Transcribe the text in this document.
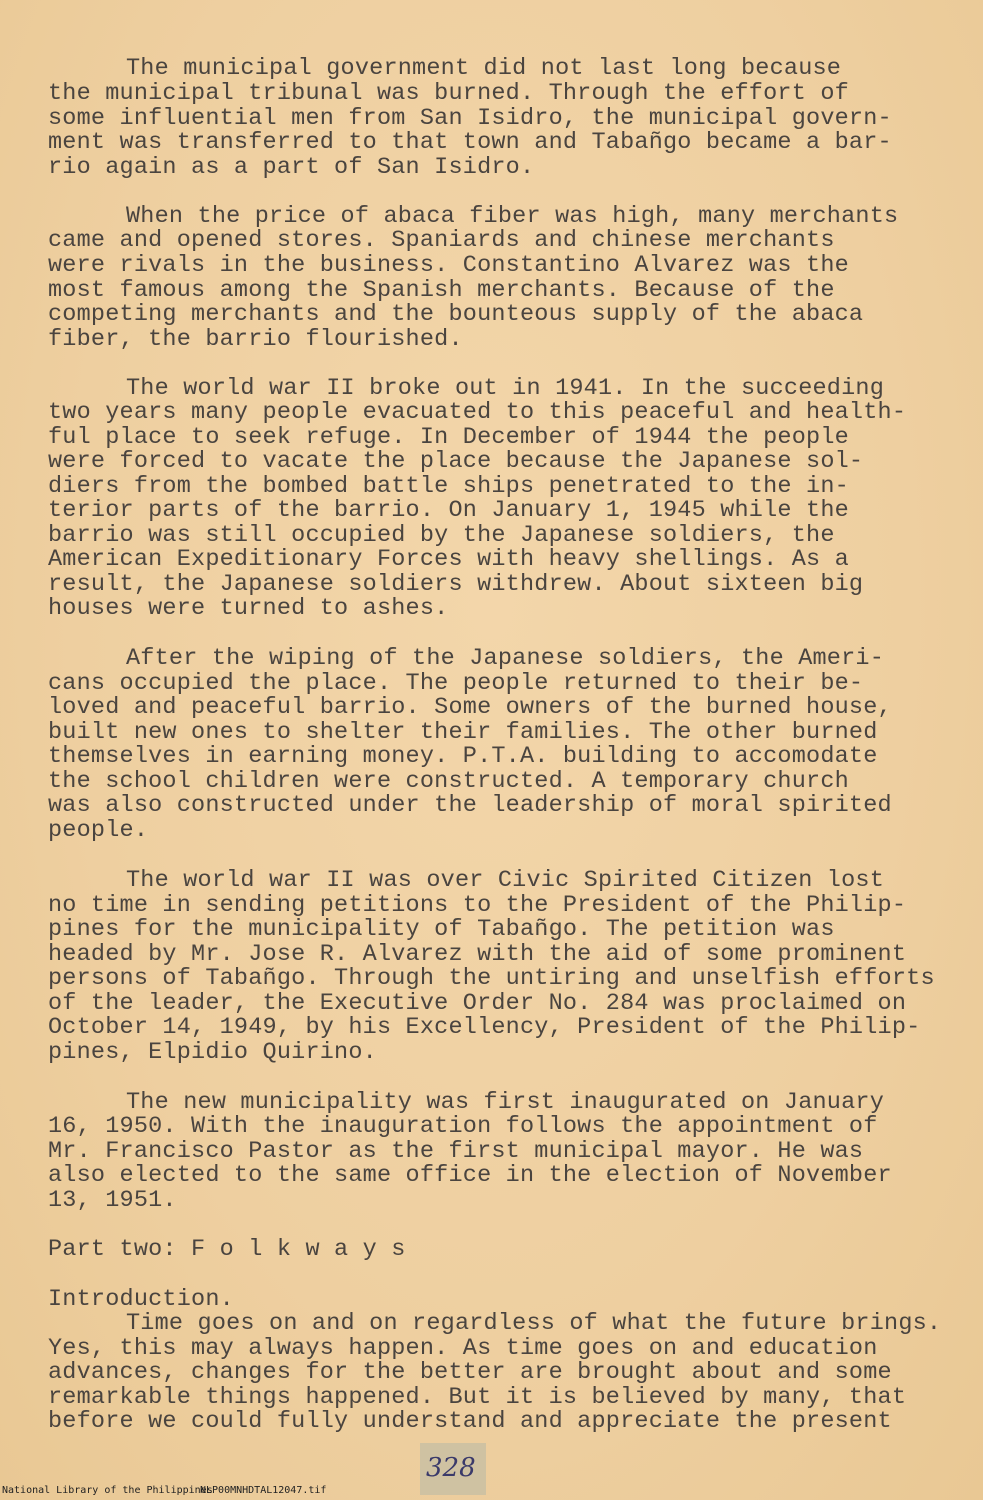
The municipal government did not last long because
the municipal tribunal was burned. Through the effort of
some influential men from San Isidro, the municipal govern-
ment was transferred to that town and Tabañgo became a bar-
rio again as a part of San Isidro.
When the price of abaca fiber was high, many merchants
came and opened stores. Spaniards and chinese merchants
were rivals in the business. Constantino Alvarez was the
most famous among the Spanish merchants. Because of the
competing merchants and the bounteous supply of the abaca
fiber, the barrio flourished.
The world war II broke out in 1941. In the succeeding
two years many people evacuated to this peaceful and health-
ful place to seek refuge. In December of 1944 the people
were forced to vacate the place because the Japanese sol-
diers from the bombed battle ships penetrated to the in-
terior parts of the barrio. On January 1, 1945 while the
barrio was still occupied by the Japanese soldiers, the
American Expeditionary Forces with heavy shellings. As a
result, the Japanese soldiers withdrew. About sixteen big
houses were turned to ashes.
After the wiping of the Japanese soldiers, the Ameri-
cans occupied the place. The people returned to their be-
loved and peaceful barrio. Some owners of the burned house,
built new ones to shelter their families. The other burned
themselves in earning money. P.T.A. building to accomodate
the school children were constructed. A temporary church
was also constructed under the leadership of moral spirited
people.
The world war II was over Civic Spirited Citizen lost
no time in sending petitions to the President of the Philip-
pines for the municipality of Tabañgo. The petition was
headed by Mr. Jose R. Alvarez with the aid of some prominent
persons of Tabañgo. Through the untiring and unselfish efforts
of the leader, the Executive Order No. 284 was proclaimed on
October 14, 1949, by his Excellency, President of the Philip-
pines, Elpidio Quirino.
The new municipality was first inaugurated on January
16, 1950. With the inauguration follows the appointment of
Mr. Francisco Pastor as the first municipal mayor. He was
also elected to the same office in the election of November
13, 1951.
Part two: F o l k w a y s
Introduction.
Time goes on and on regardless of what the future brings.
Yes, this may always happen. As time goes on and education
advances, changes for the better are brought about and some
remarkable things happened. But it is believed by many, that
before we could fully understand and appreciate the present
328
National Library of the Philippines
NLP00MNHDTAL12047.tif
